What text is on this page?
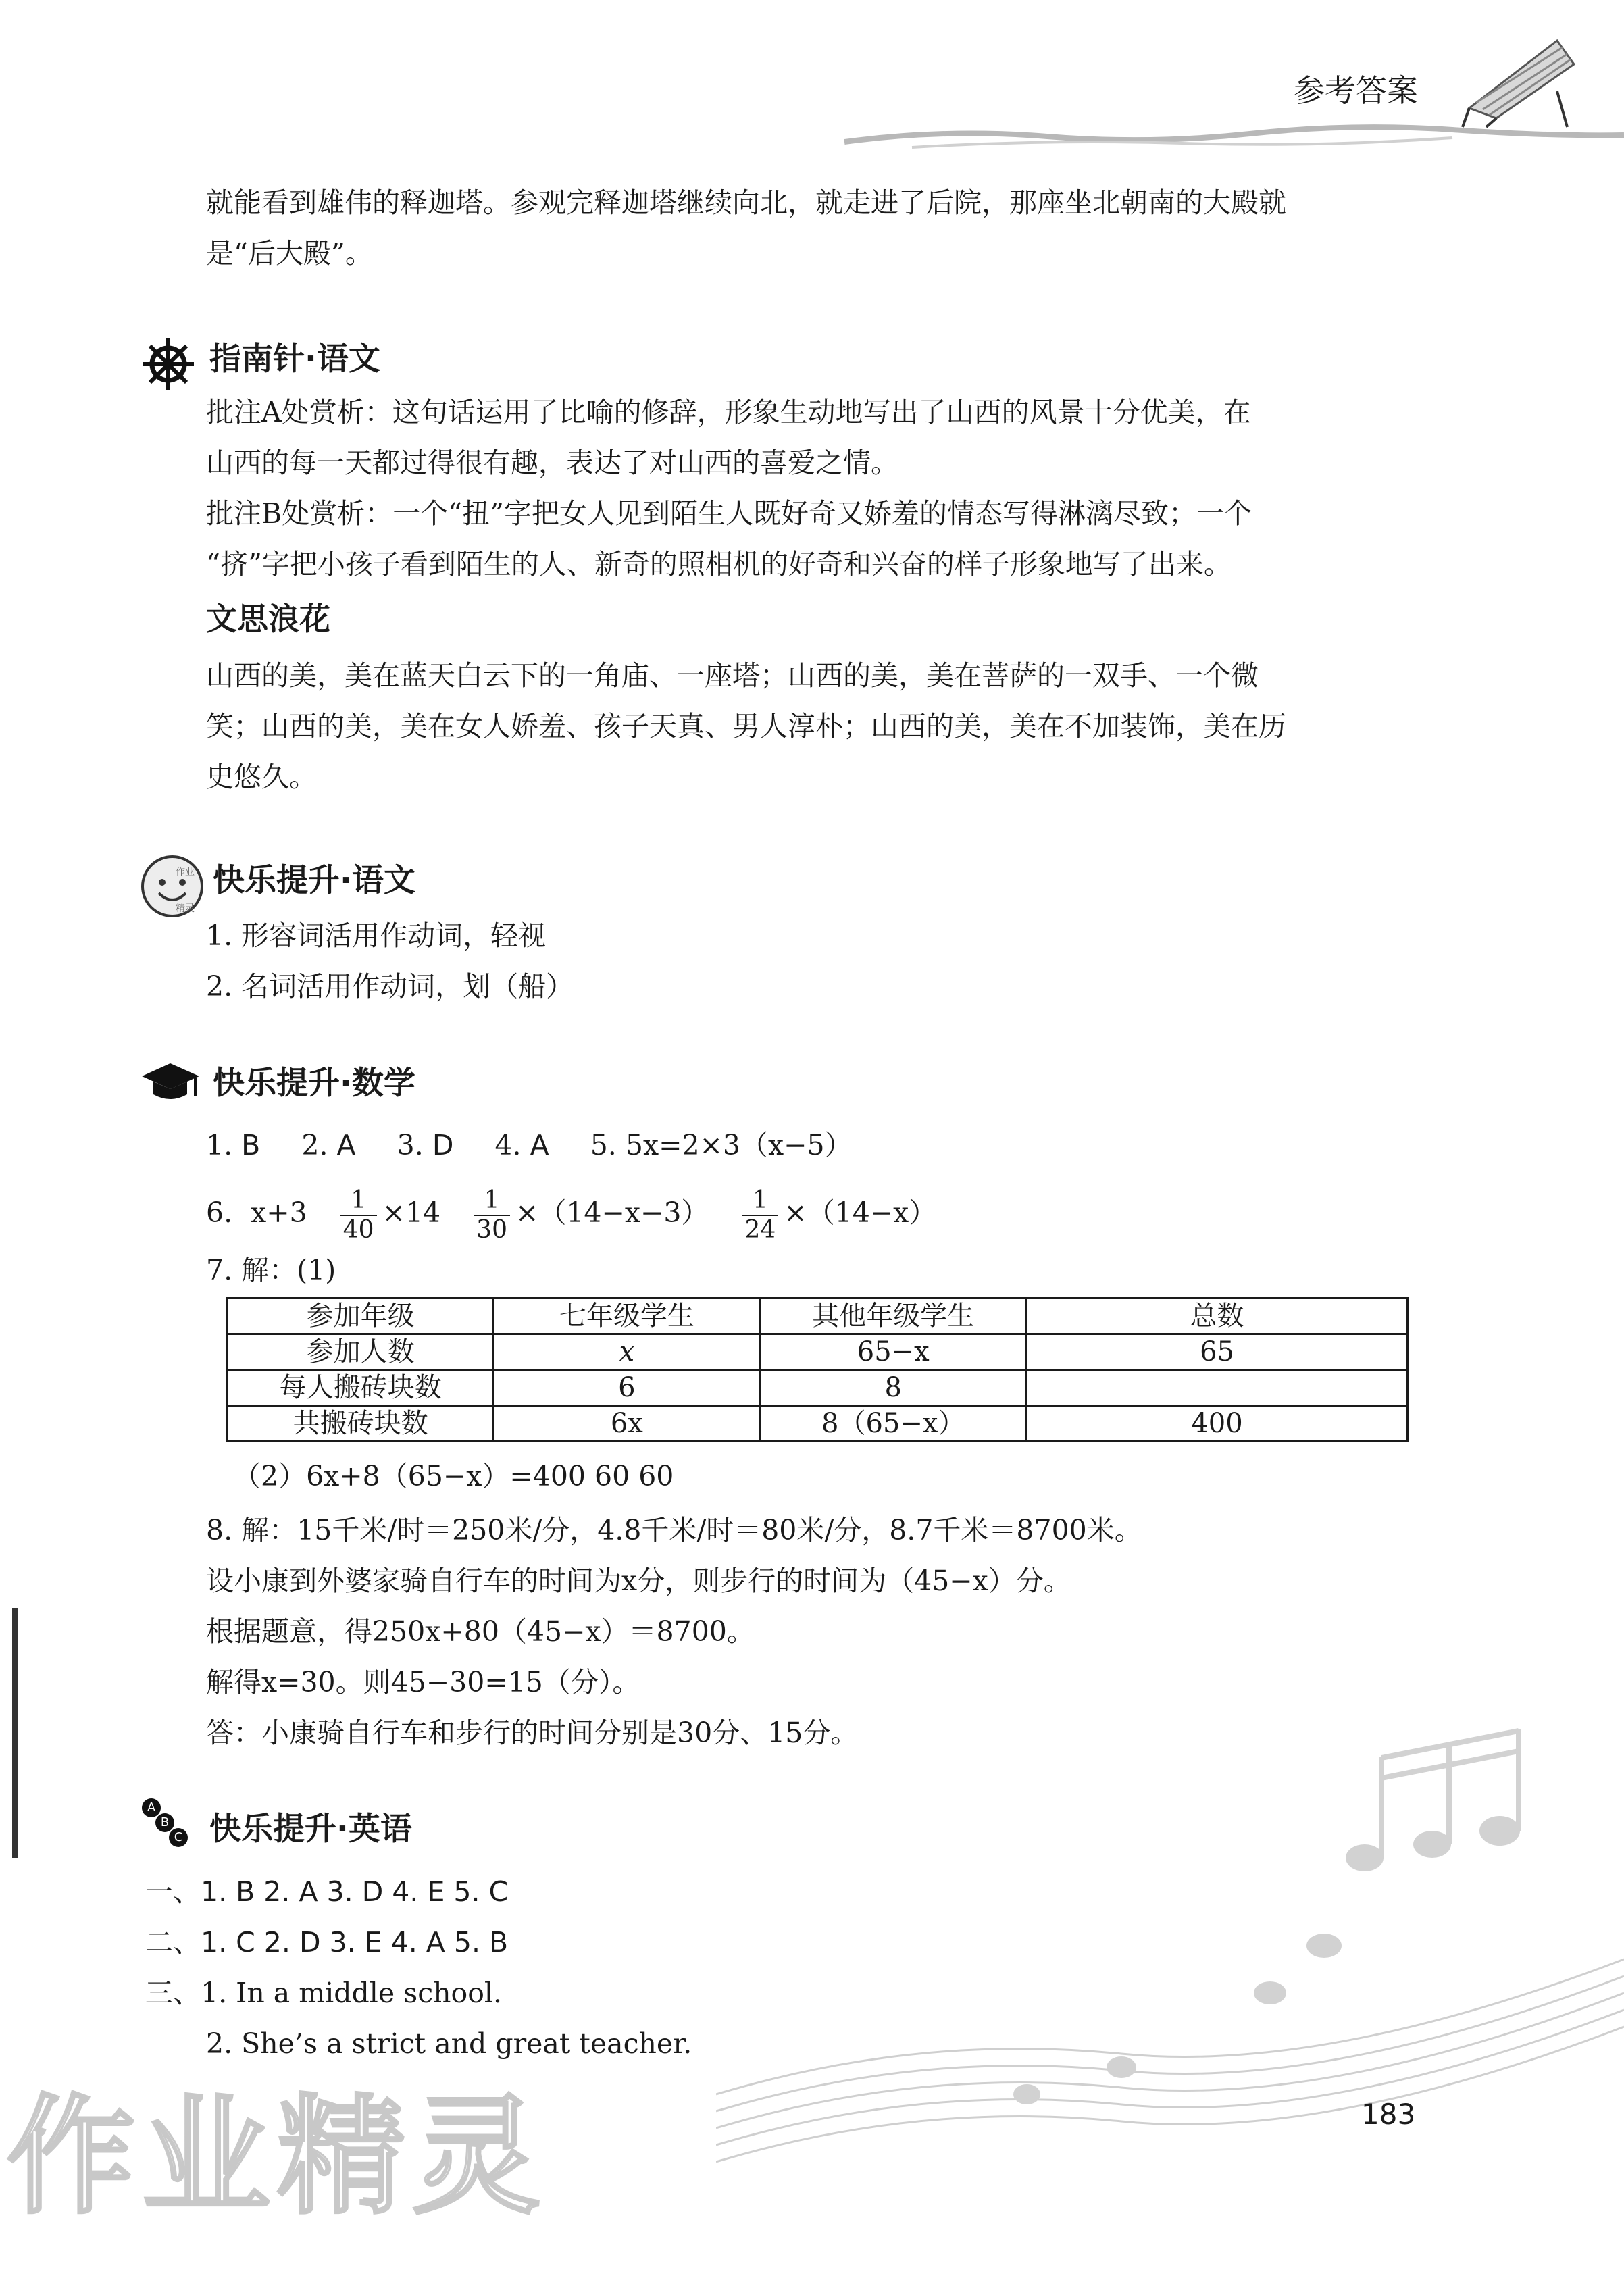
参考答案
就能看到雄伟的释迦塔。参观完释迦塔继续向北，就走进了后院，那座坐北朝南的大殿就
是“后大殿”。
指南针·语文
批注A处赏析：这句话运用了比喻的修辞，形象生动地写出了山西的风景十分优美，在
山西的每一天都过得很有趣，表达了对山西的喜爱之情。
批注B处赏析：一个“扭”字把女人见到陌生人既好奇又娇羞的情态写得淋漓尽致；一个
“挤”字把小孩子看到陌生的人、新奇的照相机的好奇和兴奋的样子形象地写了出来。
文思浪花
山西的美，美在蓝天白云下的一角庙、一座塔；山西的美，美在菩萨的一双手、一个微
笑；山西的美，美在女人娇羞、孩子天真、男人淳朴；山西的美，美在不加装饰，美在历
史悠久。
作业
精灵
快乐提升·语文
1. 形容词活用作动词，轻视
2. 名词活用作动词，划（船）
快乐提升·数学
1. B 2. A 3. D 4. A 5. 5x=2×3（x−5）
6. $x+3 \frac{1}{40} \times 14 \frac{1}{30} \times(14-x-3) \frac{1}{24} \times(14-x)$
7. 解：(1)
参加年级	七年级学生	其他年级学生	总数
参加人数	x	65−x	65
每人搬砖块数	6	8	
共搬砖块数	6x	8（65−x）	400
（2）6x+8（65−x）=400 60 60
8. 解：15千米/时＝250米/分，4.8千米/时＝80米/分，8.7千米＝8700米。
设小康到外婆家骑自行车的时间为x分，则步行的时间为（45−x）分。
根据题意，得250x+80（45−x）＝8700。
解得x=30。则45−30=15（分）。
答：小康骑自行车和步行的时间分别是30分、15分。
A
B
C 快乐提升·英语
一、1. B 2. A 3. D 4. E 5. C
二、1. C 2. D 3. E 4. A 5. B
三、1. In a middle school.
2. She’s a strict and great teacher.
作业精灵	183
